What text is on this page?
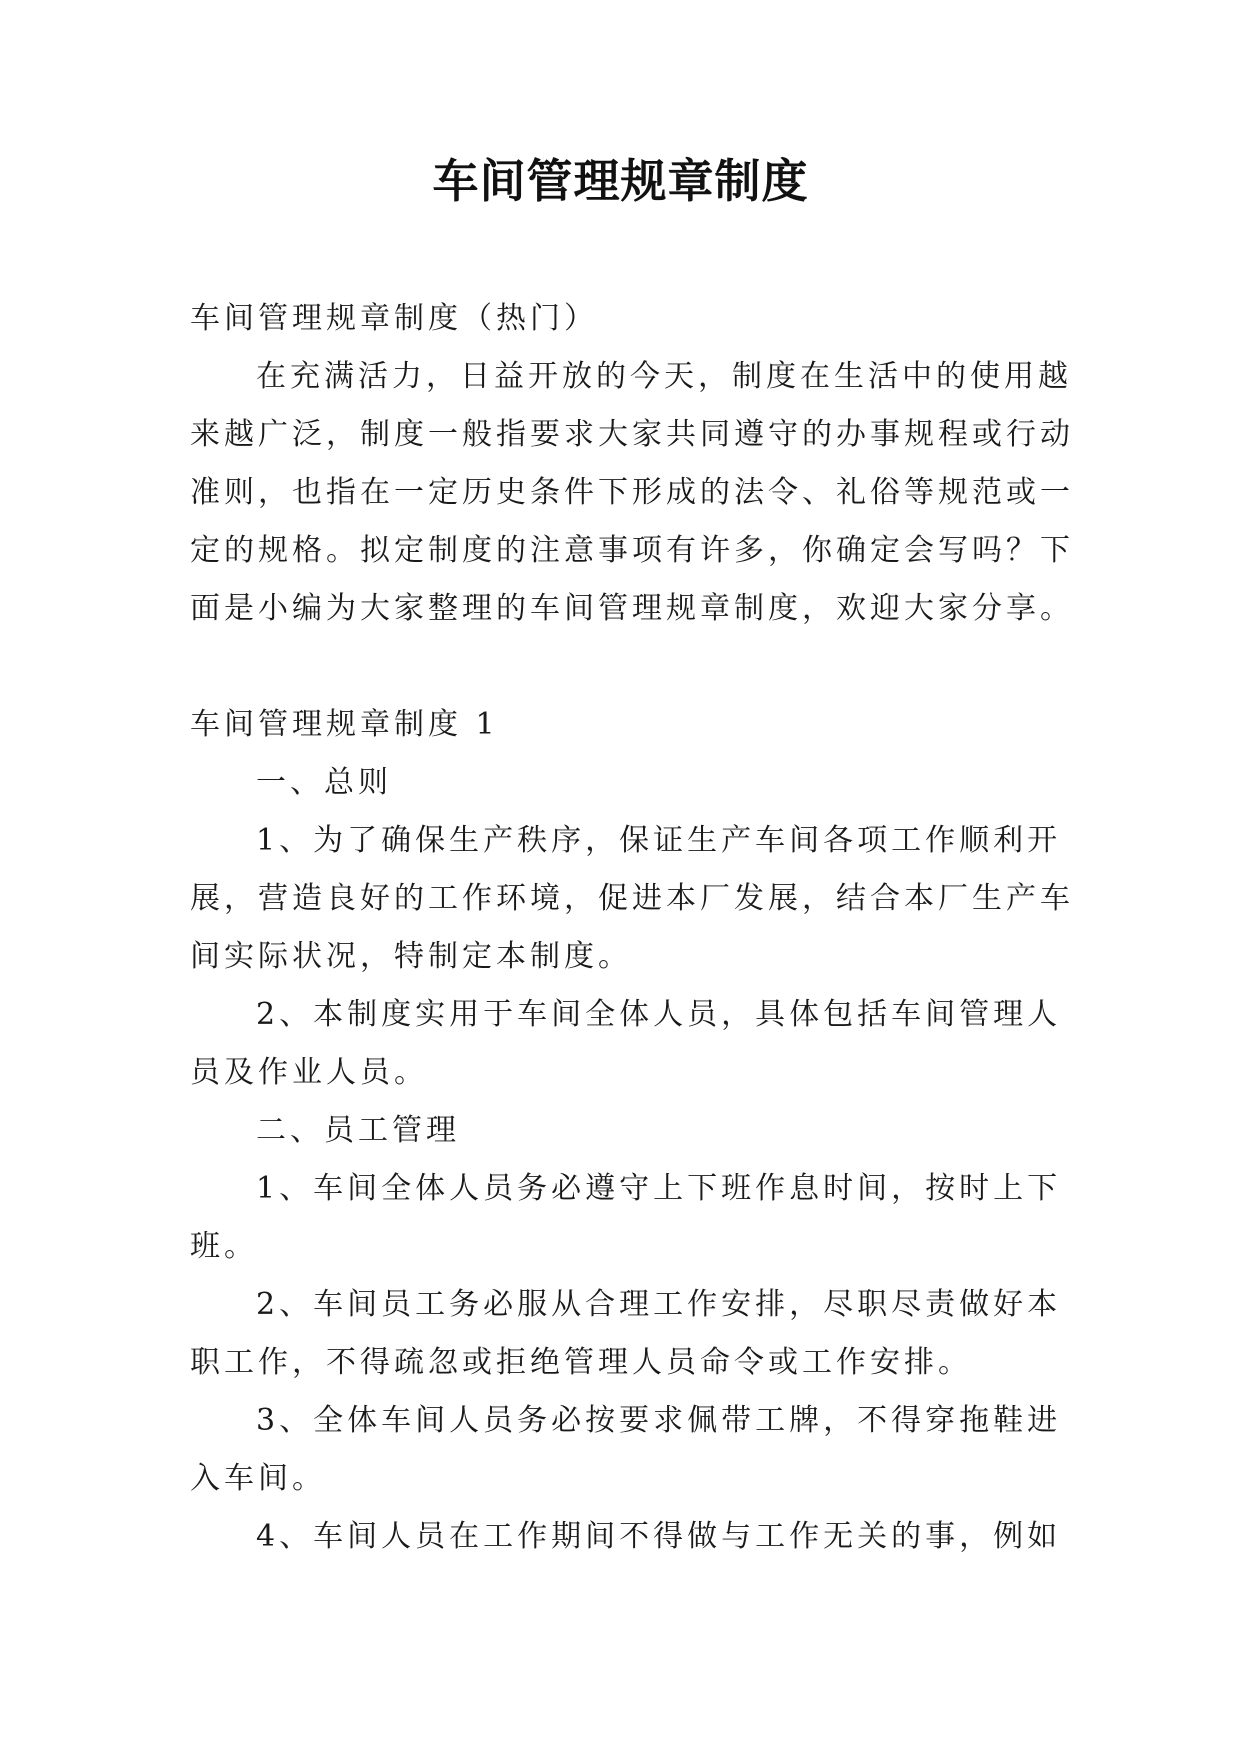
车间管理规章制度
车间管理规章制度（热门）
在充满活力，日益开放的今天，制度在生活中的使用越
来越广泛，制度一般指要求大家共同遵守的办事规程或行动
准则，也指在一定历史条件下形成的法令、礼俗等规范或一
定的规格。拟定制度的注意事项有许多，你确定会写吗？下
面是小编为大家整理的车间管理规章制度，欢迎大家分享。
车间管理规章制度 1
一、总则
1、为了确保生产秩序，保证生产车间各项工作顺利开
展，营造良好的工作环境，促进本厂发展，结合本厂生产车
间实际状况，特制定本制度。
2、本制度实用于车间全体人员，具体包括车间管理人
员及作业人员。
二、员工管理
1、车间全体人员务必遵守上下班作息时间，按时上下
班。
2、车间员工务必服从合理工作安排，尽职尽责做好本
职工作，不得疏忽或拒绝管理人员命令或工作安排。
3、全体车间人员务必按要求佩带工牌，不得穿拖鞋进
入车间。
4、车间人员在工作期间不得做与工作无关的事，例如
